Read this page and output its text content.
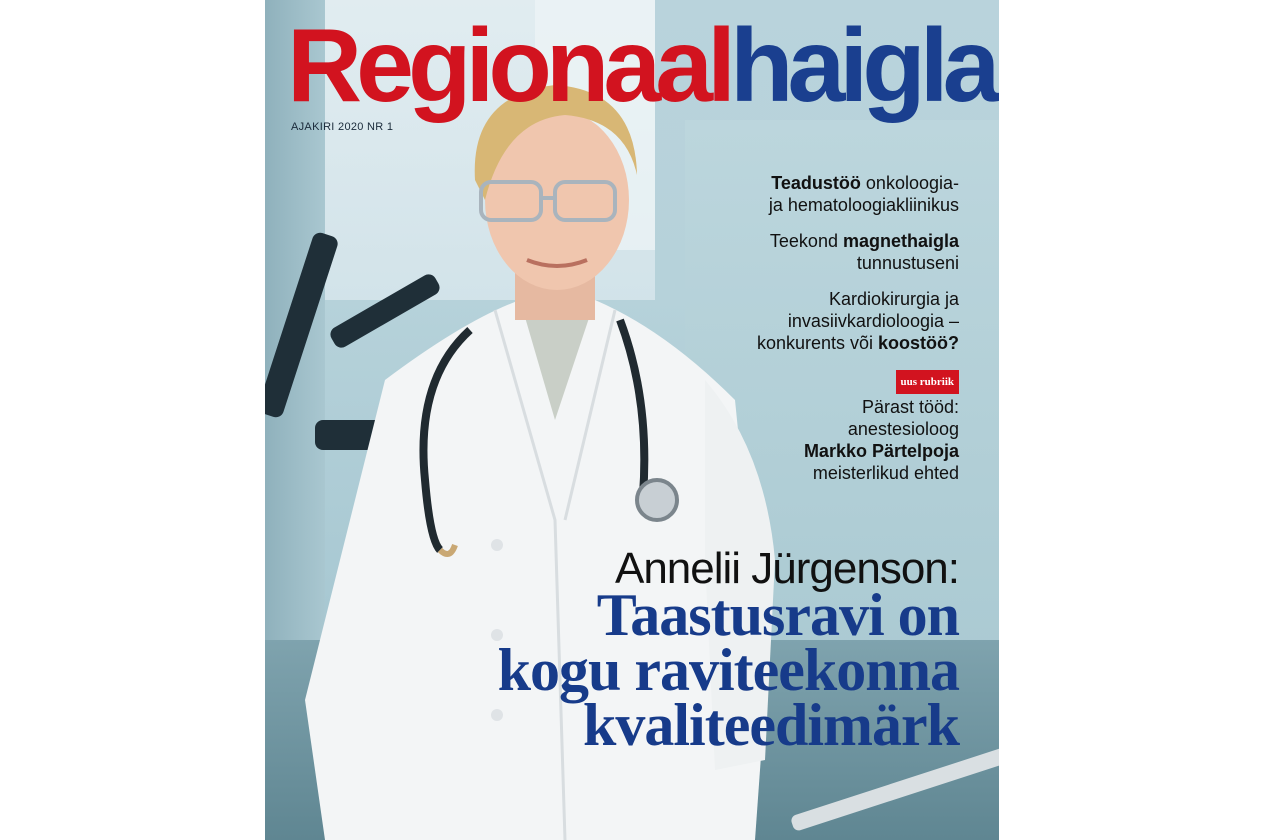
Regionaalhaigla
AJAKIRI 2020 NR 1
Teadustöö onkoloogia-
ja hematoloogiakliinikus
Teekond magnethaigla
tunnustuseni
Kardiokirurgia ja
invasiivkardioloogia –
konkurents või koostöö?
uus rubriik
Pärast tööd:
anestesioloog
Markko Pärtelpoja
meisterlikud ehted
Annelii Jürgenson:
Taastusravi on
kogu raviteekonna
kvaliteedimärk
